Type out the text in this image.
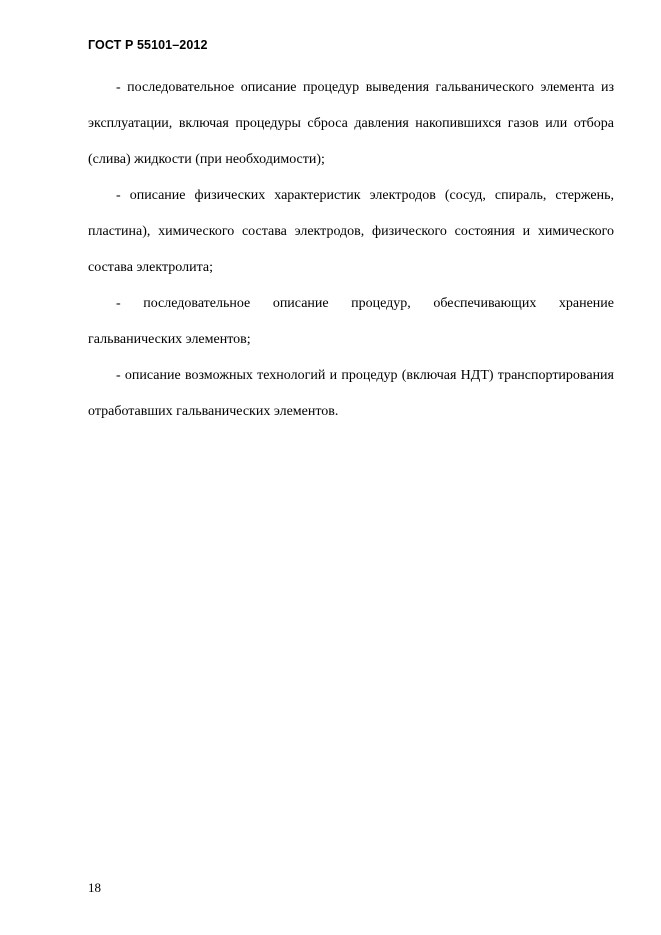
ГОСТ Р 55101–2012

- последовательное описание процедур выведения гальванического элемента из эксплуатации, включая процедуры сброса давления накопившихся газов или отбора (слива) жидкости (при необходимости);

- описание физических характеристик электродов (сосуд, спираль, стержень, пластина), химического состава электродов, физического состояния и химического состава электролита;

- последовательное описание процедур, обеспечивающих хранение гальванических элементов;

- описание возможных технологий и процедур (включая НДТ) транспортирования отработавших гальванических элементов.

18
